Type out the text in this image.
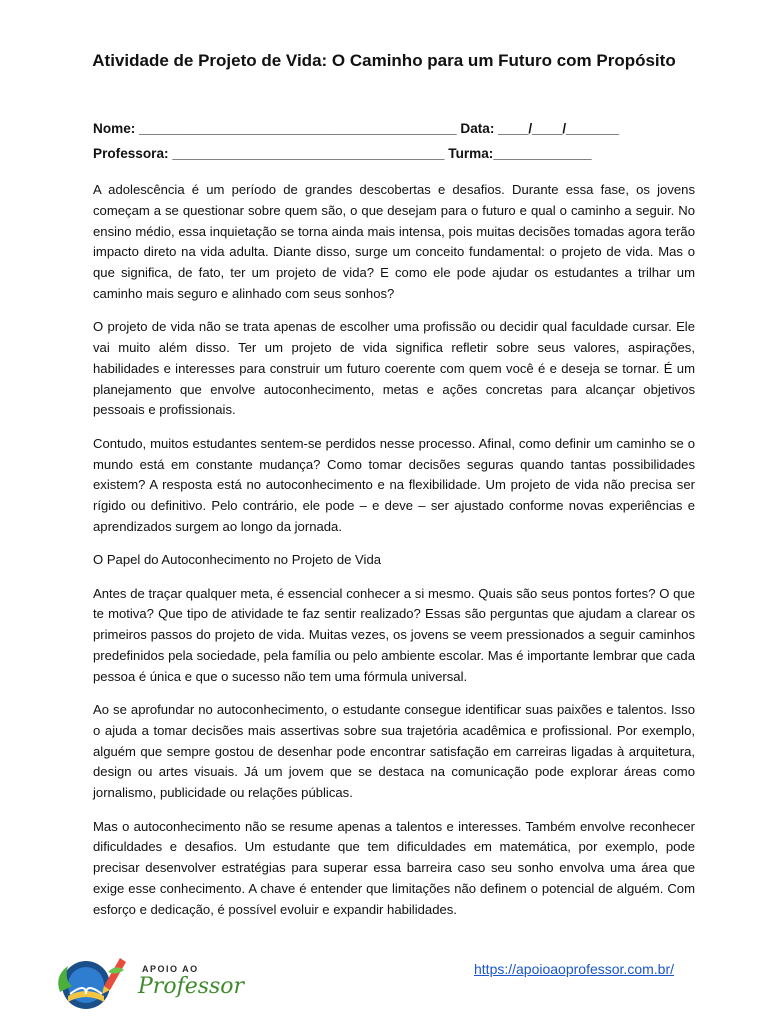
Atividade de Projeto de Vida: O Caminho para um Futuro com Propósito
Nome: __________________________________________ Data: ____/____/_______
Professora: ____________________________________ Turma:_____________

A adolescência é um período de grandes descobertas e desafios. Durante essa fase, os jovens começam a se questionar sobre quem são, o que desejam para o futuro e qual o caminho a seguir. No ensino médio, essa inquietação se torna ainda mais intensa, pois muitas decisões tomadas agora terão impacto direto na vida adulta. Diante disso, surge um conceito fundamental: o projeto de vida. Mas o que significa, de fato, ter um projeto de vida? E como ele pode ajudar os estudantes a trilhar um caminho mais seguro e alinhado com seus sonhos?

O projeto de vida não se trata apenas de escolher uma profissão ou decidir qual faculdade cursar. Ele vai muito além disso. Ter um projeto de vida significa refletir sobre seus valores, aspirações, habilidades e interesses para construir um futuro coerente com quem você é e deseja se tornar. É um planejamento que envolve autoconhecimento, metas e ações concretas para alcançar objetivos pessoais e profissionais.

Contudo, muitos estudantes sentem-se perdidos nesse processo. Afinal, como definir um caminho se o mundo está em constante mudança? Como tomar decisões seguras quando tantas possibilidades existem? A resposta está no autoconhecimento e na flexibilidade. Um projeto de vida não precisa ser rígido ou definitivo. Pelo contrário, ele pode – e deve – ser ajustado conforme novas experiências e aprendizados surgem ao longo da jornada.

O Papel do Autoconhecimento no Projeto de Vida

Antes de traçar qualquer meta, é essencial conhecer a si mesmo. Quais são seus pontos fortes? O que te motiva? Que tipo de atividade te faz sentir realizado? Essas são perguntas que ajudam a clarear os primeiros passos do projeto de vida. Muitas vezes, os jovens se veem pressionados a seguir caminhos predefinidos pela sociedade, pela família ou pelo ambiente escolar. Mas é importante lembrar que cada pessoa é única e que o sucesso não tem uma fórmula universal.

Ao se aprofundar no autoconhecimento, o estudante consegue identificar suas paixões e talentos. Isso o ajuda a tomar decisões mais assertivas sobre sua trajetória acadêmica e profissional. Por exemplo, alguém que sempre gostou de desenhar pode encontrar satisfação em carreiras ligadas à arquitetura, design ou artes visuais. Já um jovem que se destaca na comunicação pode explorar áreas como jornalismo, publicidade ou relações públicas.

Mas o autoconhecimento não se resume apenas a talentos e interesses. Também envolve reconhecer dificuldades e desafios. Um estudante que tem dificuldades em matemática, por exemplo, pode precisar desenvolver estratégias para superar essa barreira caso seu sonho envolva uma área que exige esse conhecimento. A chave é entender que limitações não definem o potencial de alguém. Com esforço e dedicação, é possível evoluir e expandir habilidades.

APOIO AO
Professor
https://apoioaoprofessor.com.br/
